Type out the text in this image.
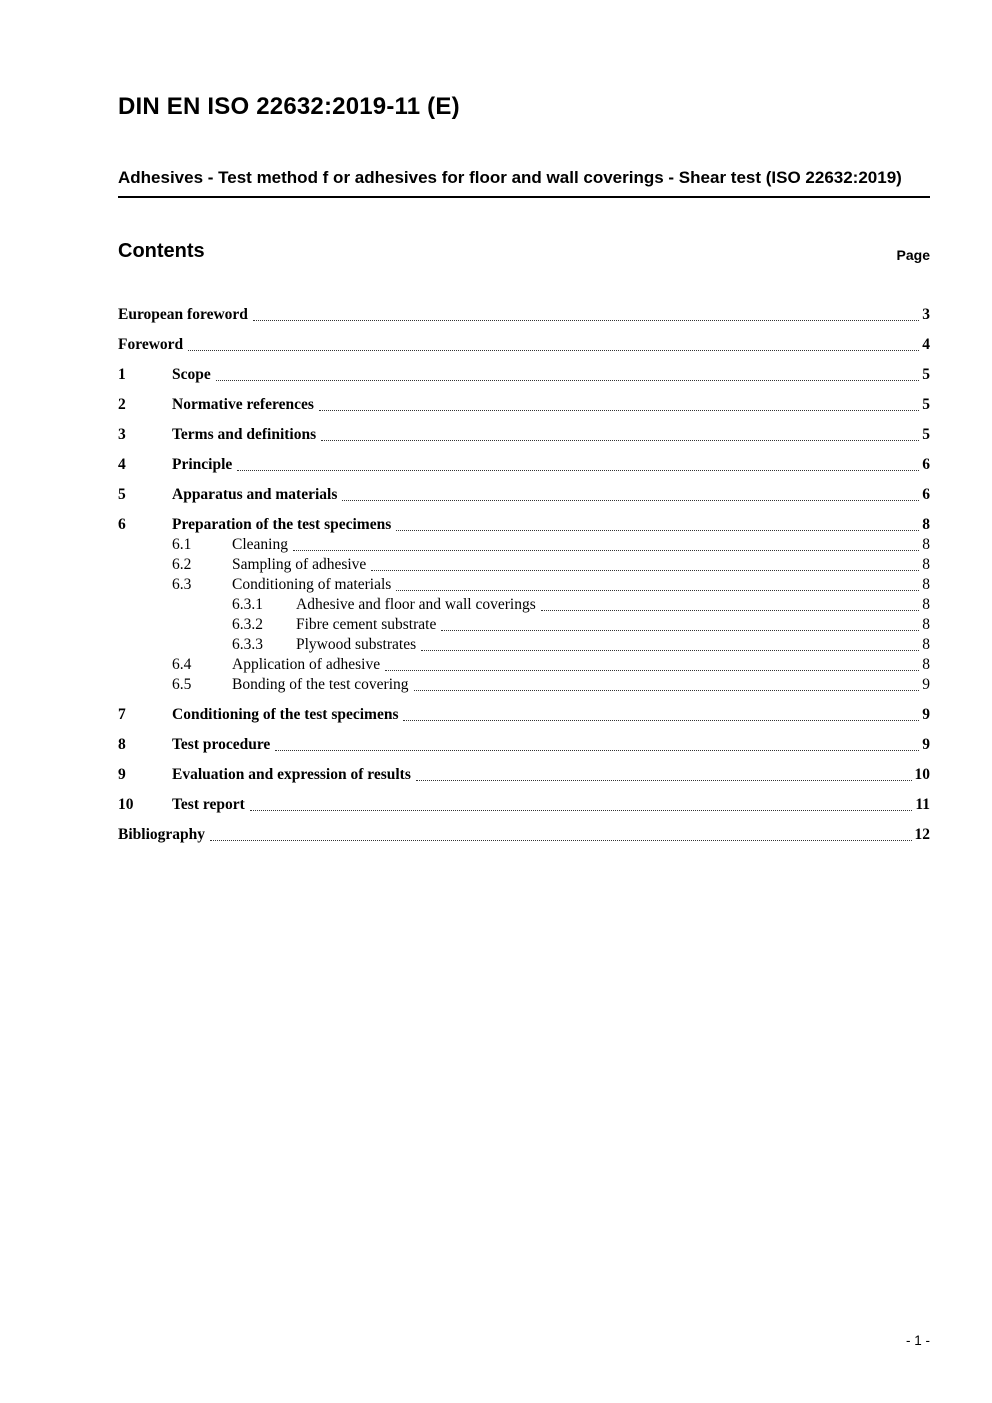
DIN EN ISO 22632:2019-11 (E)
Adhesives - Test method f or adhesives for floor and wall coverings - Shear test (ISO 22632:2019)
Contents	Page
European foreword	3
Foreword	4
1	Scope	5
2	Normative references	5
3	Terms and definitions	5
4	Principle	6
5	Apparatus and materials	6
6	Preparation of the test specimens	8
6.1	Cleaning	8
6.2	Sampling of adhesive	8
6.3	Conditioning of materials	8
6.3.1	Adhesive and floor and wall coverings	8
6.3.2	Fibre cement substrate	8
6.3.3	Plywood substrates	8
6.4	Application of adhesive	8
6.5	Bonding of the test covering	9
7	Conditioning of the test specimens	9
8	Test procedure	9
9	Evaluation and expression of results	10
10	Test report	11
Bibliography	12
- 1 -
